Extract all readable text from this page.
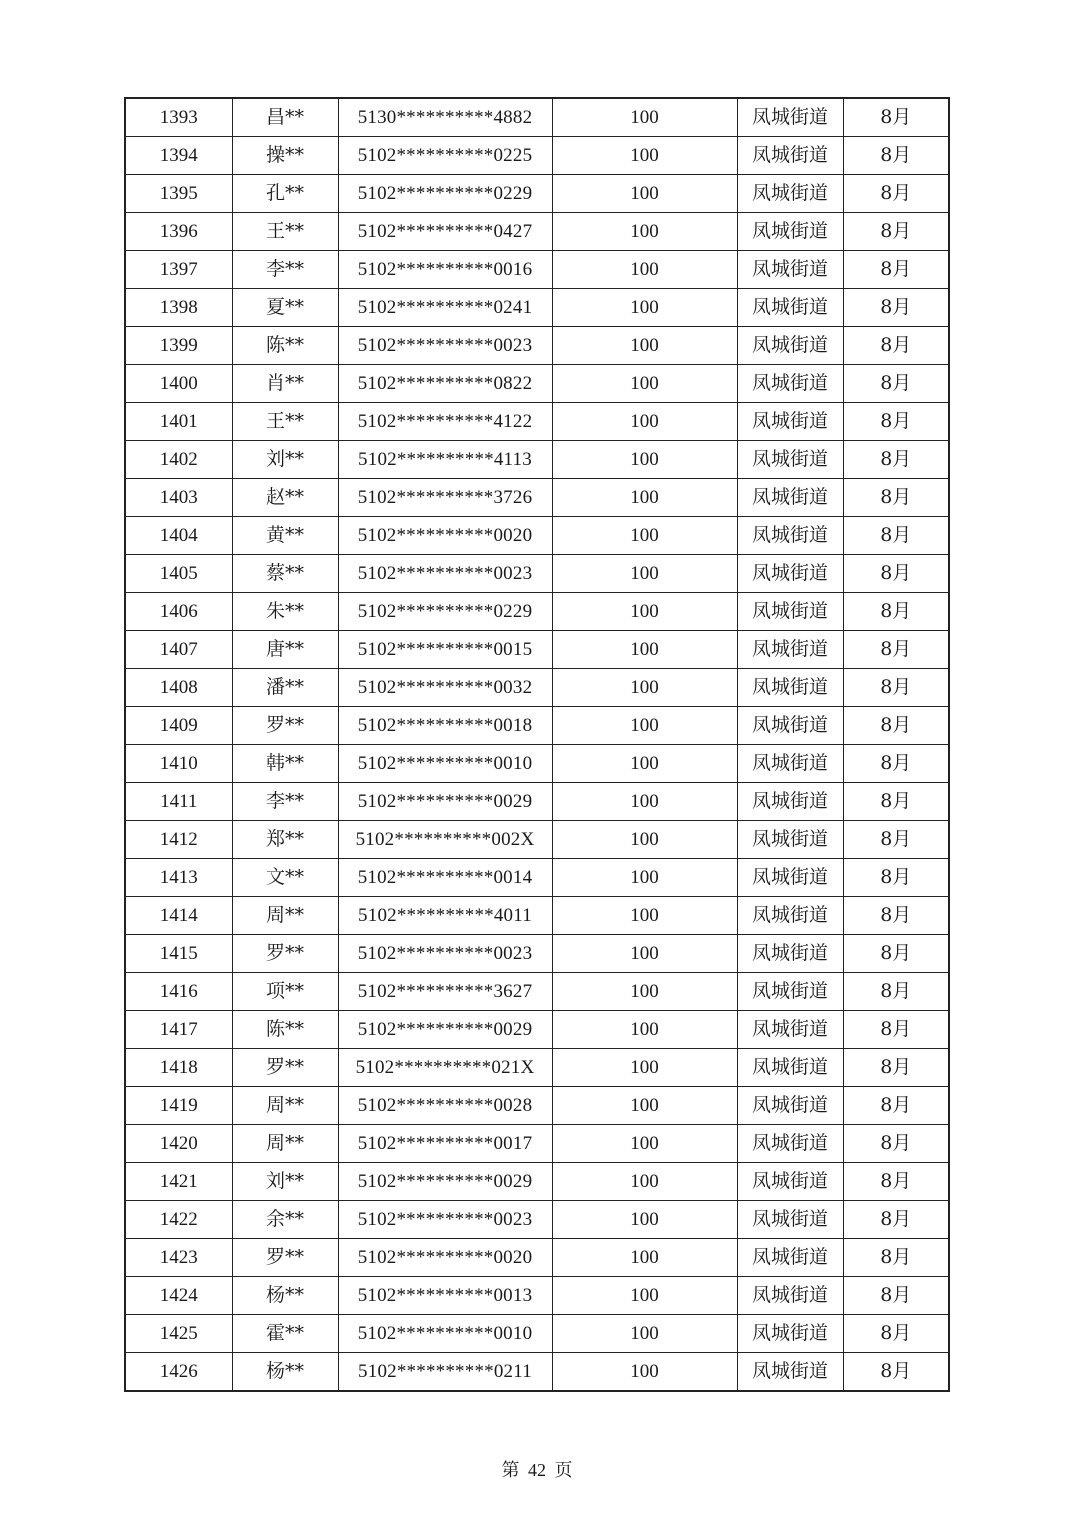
1393	昌**	5130**********4882	100	凤城街道	8月
1394	操**	5102**********0225	100	凤城街道	8月
1395	孔**	5102**********0229	100	凤城街道	8月
1396	王**	5102**********0427	100	凤城街道	8月
1397	李**	5102**********0016	100	凤城街道	8月
1398	夏**	5102**********0241	100	凤城街道	8月
1399	陈**	5102**********0023	100	凤城街道	8月
1400	肖**	5102**********0822	100	凤城街道	8月
1401	王**	5102**********4122	100	凤城街道	8月
1402	刘**	5102**********4113	100	凤城街道	8月
1403	赵**	5102**********3726	100	凤城街道	8月
1404	黄**	5102**********0020	100	凤城街道	8月
1405	蔡**	5102**********0023	100	凤城街道	8月
1406	朱**	5102**********0229	100	凤城街道	8月
1407	唐**	5102**********0015	100	凤城街道	8月
1408	潘**	5102**********0032	100	凤城街道	8月
1409	罗**	5102**********0018	100	凤城街道	8月
1410	韩**	5102**********0010	100	凤城街道	8月
1411	李**	5102**********0029	100	凤城街道	8月
1412	郑**	5102**********002X	100	凤城街道	8月
1413	文**	5102**********0014	100	凤城街道	8月
1414	周**	5102**********4011	100	凤城街道	8月
1415	罗**	5102**********0023	100	凤城街道	8月
1416	项**	5102**********3627	100	凤城街道	8月
1417	陈**	5102**********0029	100	凤城街道	8月
1418	罗**	5102**********021X	100	凤城街道	8月
1419	周**	5102**********0028	100	凤城街道	8月
1420	周**	5102**********0017	100	凤城街道	8月
1421	刘**	5102**********0029	100	凤城街道	8月
1422	余**	5102**********0023	100	凤城街道	8月
1423	罗**	5102**********0020	100	凤城街道	8月
1424	杨**	5102**********0013	100	凤城街道	8月
1425	霍**	5102**********0010	100	凤城街道	8月
1426	杨**	5102**********0211	100	凤城街道	8月
第 42 页
